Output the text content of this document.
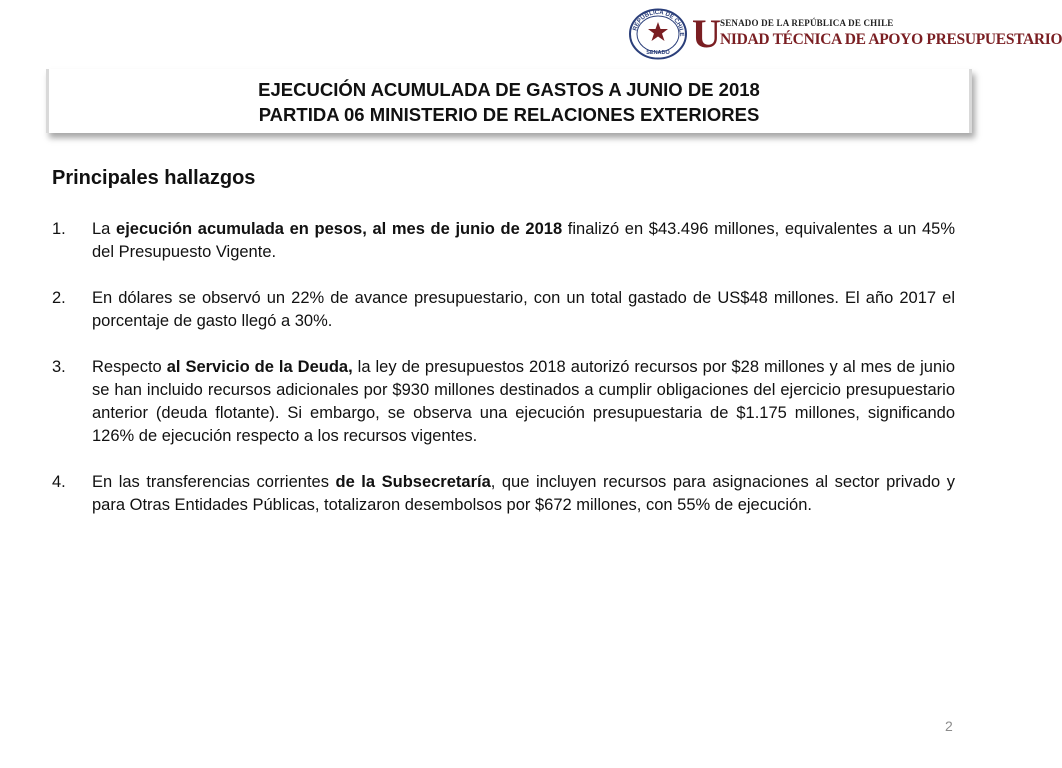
REPÚBLICA DE CHILE
SENADO U SENADO DE LA REPÚBLICA DE CHILE
NIDAD TÉCNICA DE APOYO PRESUPUESTARIO
EJECUCIÓN ACUMULADA DE GASTOS A JUNIO DE 2018
PARTIDA 06 MINISTERIO DE RELACIONES EXTERIORES
Principales hallazgos
1.	La ejecución acumulada en pesos, al mes de junio de 2018 finalizó en $43.496 millones, equivalentes a un 45% del Presupuesto Vigente.
2.	En dólares se observó un 22% de avance presupuestario, con un total gastado de US$48 millones. El año 2017 el porcentaje de gasto llegó a 30%.
3.	Respecto al Servicio de la Deuda, la ley de presupuestos 2018 autorizó recursos por $28 millones y al mes de junio se han incluido recursos adicionales por $930 millones destinados a cumplir obligaciones del ejercicio presupuestario anterior (deuda flotante). Si embargo, se observa una ejecución presupuestaria de $1.175 millones, significando 126% de ejecución respecto a los recursos vigentes.
4.	En las transferencias corrientes de la Subsecretaría, que incluyen recursos para asignaciones al sector privado y para Otras Entidades Públicas, totalizaron desembolsos por $672 millones, con 55% de ejecución.
2
